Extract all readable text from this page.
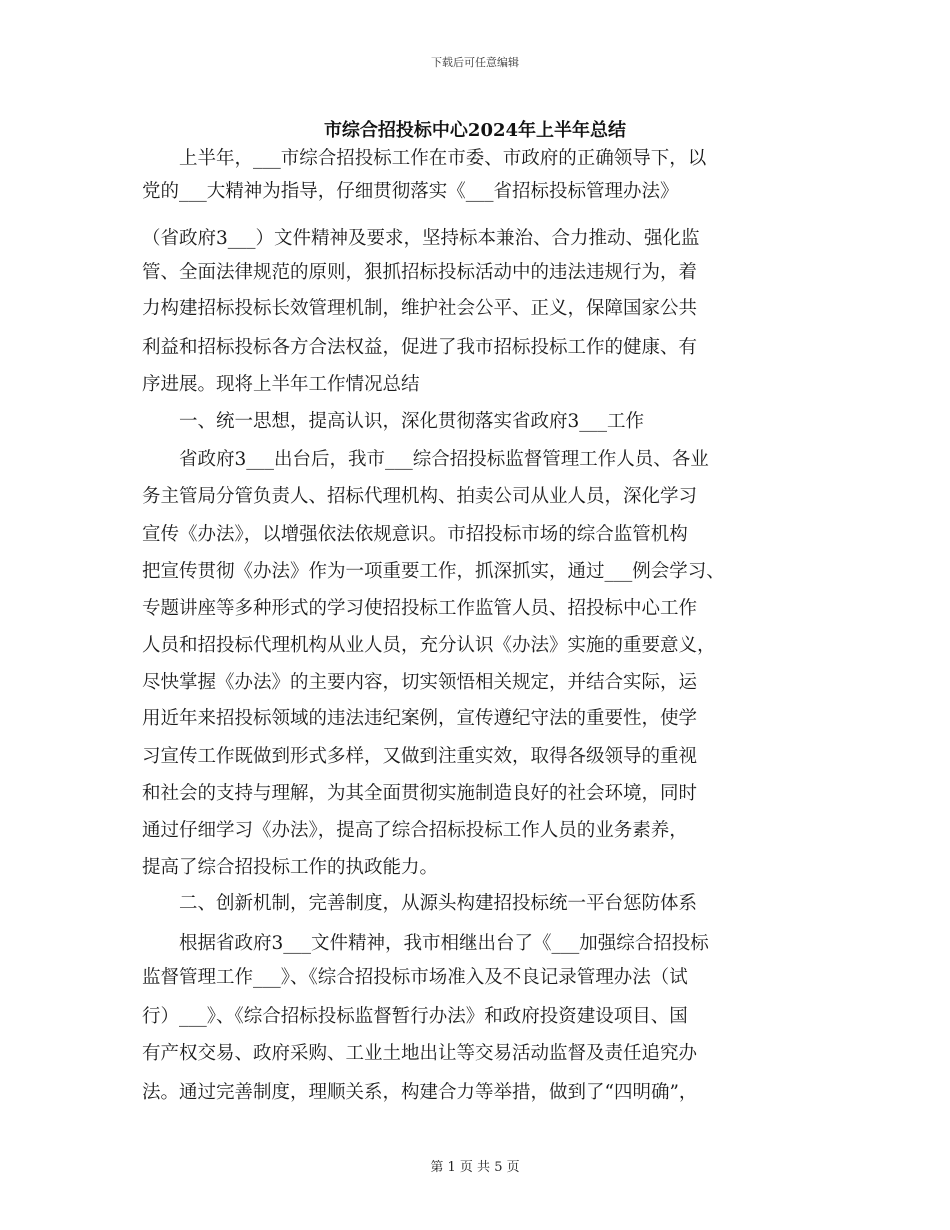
下载后可任意编辑
市综合招投标中心2024年上半年总结
　　上半年，___市综合招投标工作在市委、市政府的正确领导下，以
党的___大精神为指导，仔细贯彻落实《___省招标投标管理办法》
（省政府3___）文件精神及要求，坚持标本兼治、合力推动、强化监
管、全面法律规范的原则，狠抓招标投标活动中的违法违规行为，着
力构建招标投标长效管理机制，维护社会公平、正义，保障国家公共
利益和招标投标各方合法权益，促进了我市招标投标工作的健康、有
序进展。现将上半年工作情况总结
　　一、统一思想，提高认识，深化贯彻落实省政府3___工作
　　省政府3___出台后，我市___综合招投标监督管理工作人员、各业
务主管局分管负责人、招标代理机构、拍卖公司从业人员，深化学习
宣传《办法》，以增强依法依规意识。市招投标市场的综合监管机构
把宣传贯彻《办法》作为一项重要工作，抓深抓实，通过___例会学习、
专题讲座等多种形式的学习使招投标工作监管人员、招投标中心工作
人员和招投标代理机构从业人员，充分认识《办法》实施的重要意义，
尽快掌握《办法》的主要内容，切实领悟相关规定，并结合实际，运
用近年来招投标领域的违法违纪案例，宣传遵纪守法的重要性，使学
习宣传工作既做到形式多样，又做到注重实效，取得各级领导的重视
和社会的支持与理解，为其全面贯彻实施制造良好的社会环境，同时
通过仔细学习《办法》，提高了综合招标投标工作人员的业务素养，
提高了综合招投标工作的执政能力。
　　二、创新机制，完善制度，从源头构建招投标统一平台惩防体系
　　根据省政府3___文件精神，我市相继出台了《___加强综合招投标
监督管理工作___》、《综合招投标市场准入及不良记录管理办法（试
行）___》、《综合招标投标监督暂行办法》和政府投资建设项目、国
有产权交易、政府采购、工业土地出让等交易活动监督及责任追究办
法。通过完善制度，理顺关系，构建合力等举措，做到了“四明确”，
第 1 页 共 5 页
